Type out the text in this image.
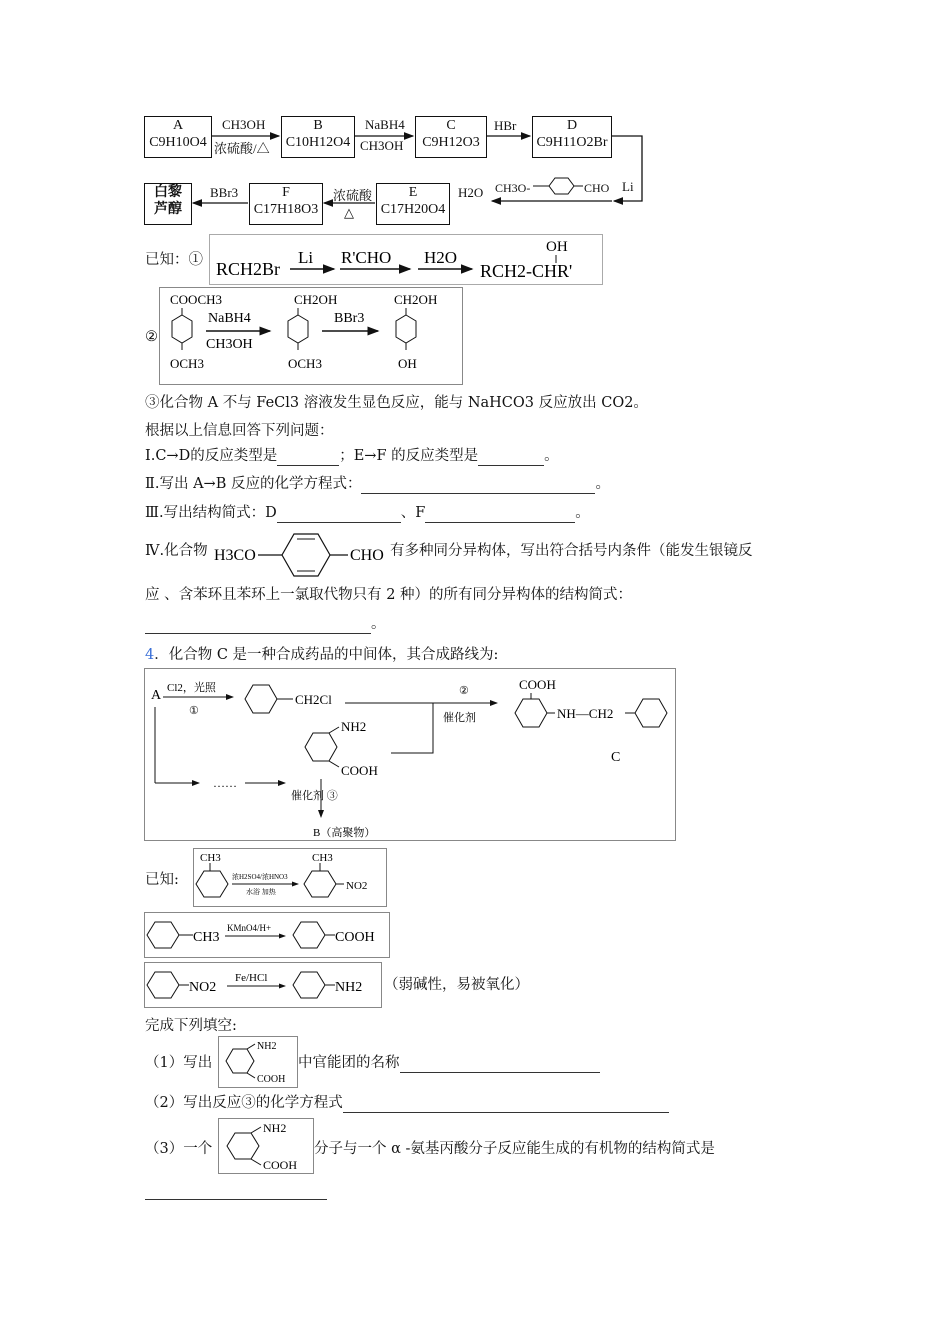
A
C9H10O4
CH3OH
浓硫酸/△
B
C10H12O4
NaBH4
CH3OH
C
C9H12O3
HBr	D
C9H11O2Br
Li
白黎
芦醇
BBr3	F
C17H18O3
浓硫酸
△
E
C17H20O4
H2O CH3O-	CHO
已知：① RCH2Br
Li R'CHO H2O
RCH2-CHR'
OH
②
COOCH3
OCH3
NaBH4
CH3OH
CH2OH
OCH3
BBr3
CH2OH
OH
③化合物 A 不与 FeCl3 溶液发生显色反应，能与 NaHCO3 反应放出 CO2。
根据以上信息回答下列问题：
Ⅰ.C→D的反应类型是	；E→F 的反应类型是	。
Ⅱ.写出 A→B 反应的化学方程式：	。
Ⅲ.写出结构简式：D	、F	。
Ⅳ.化合物 H3CO	CHO 有多种同分异构体，写出符合括号内条件（能发生银镜反
应 、含苯环且苯环上一氯取代物只有 2 种）的所有同分异构体的结构简式：
。
4．化合物 C 是一种合成药品的中间体，其合成路线为:
A Cl2，光照
①
CH2Cl
……
NH2
COOH
②
催化剂
COOH
NH—CH2
C
催化剂 ③
B（高聚物）
已知:
CH3
浓H2SO4/浓HNO3
水浴 加热
CH3
NO2
CH3
KMnO4/H+
COOH
NO2
Fe/HCl
NH2 （弱碱性，易被氧化）
完成下列填空:
（1）写出
NH2
COOH
中官能团的名称
（2）写出反应③的化学方程式
（3）一个
NH2
COOH
分子与一个 α -氨基丙酸分子反应能生成的有机物的结构简式是
